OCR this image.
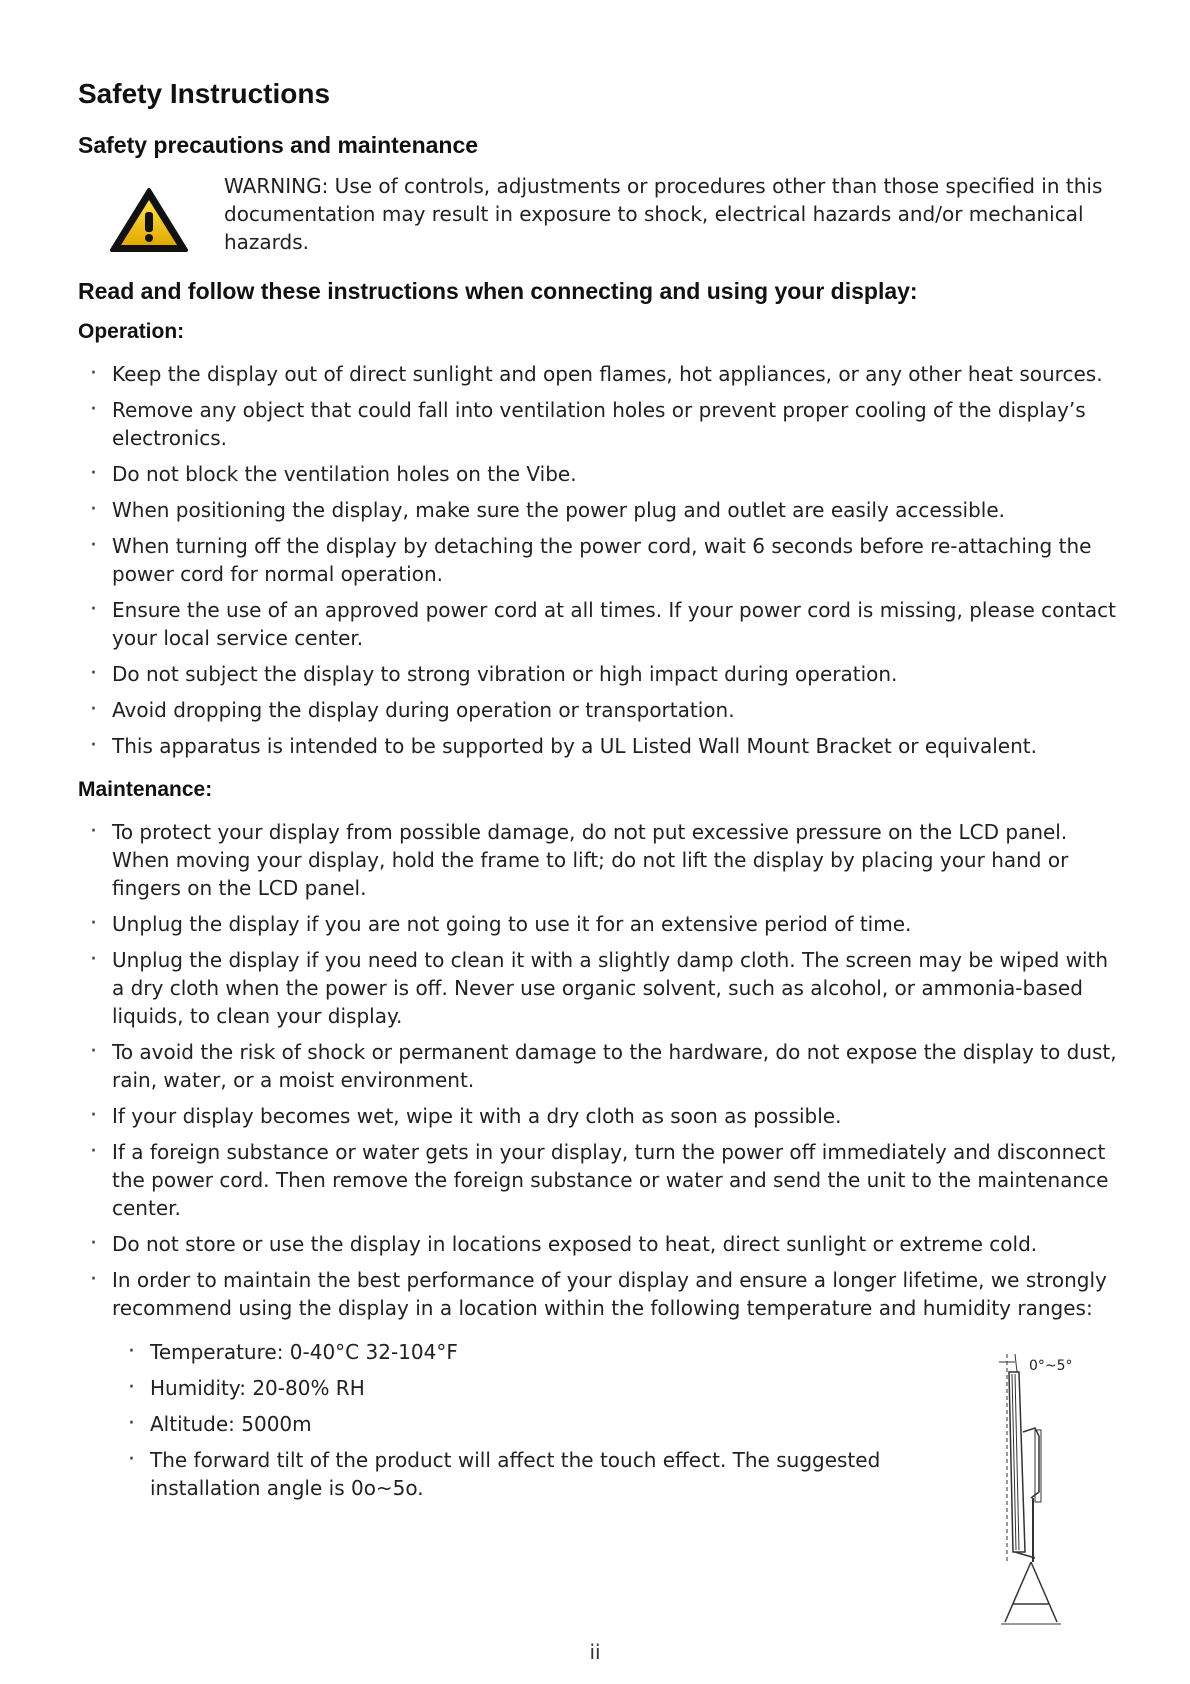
Safety Instructions
Safety precautions and maintenance

WARNING: Use of controls, adjustments or procedures other than those specified in this documentation may result in exposure to shock, electrical hazards and/or mechanical hazards.

Read and follow these instructions when connecting and using your display:
Operation:
· Keep the display out of direct sunlight and open flames, hot appliances, or any other heat sources.
· Remove any object that could fall into ventilation holes or prevent proper cooling of the display’s electronics.
· Do not block the ventilation holes on the Vibe.
· When positioning the display, make sure the power plug and outlet are easily accessible.
· When turning off the display by detaching the power cord, wait 6 seconds before re-attaching the power cord for normal operation.
· Ensure the use of an approved power cord at all times. If your power cord is missing, please contact your local service center.
· Do not subject the display to strong vibration or high impact during operation.
· Avoid dropping the display during operation or transportation.
· This apparatus is intended to be supported by a UL Listed Wall Mount Bracket or equivalent.
Maintenance:
· To protect your display from possible damage, do not put excessive pressure on the LCD panel. When moving your display, hold the frame to lift; do not lift the display by placing your hand or fingers on the LCD panel.
· Unplug the display if you are not going to use it for an extensive period of time.
· Unplug the display if you need to clean it with a slightly damp cloth. The screen may be wiped with a dry cloth when the power is off. Never use organic solvent, such as alcohol, or ammonia-based liquids, to clean your display.
· To avoid the risk of shock or permanent damage to the hardware, do not expose the display to dust, rain, water, or a moist environment.
· If your display becomes wet, wipe it with a dry cloth as soon as possible.
· If a foreign substance or water gets in your display, turn the power off immediately and disconnect the power cord. Then remove the foreign substance or water and send the unit to the maintenance center.
· Do not store or use the display in locations exposed to heat, direct sunlight or extreme cold.
· In order to maintain the best performance of your display and ensure a longer lifetime, we strongly recommend using the display in a location within the following temperature and humidity ranges:
· Temperature: 0-40°C 32-104°F
· Humidity: 20-80% RH
· Altitude: 5000m
· The forward tilt of the product will affect the touch effect. The suggested installation angle is 0o~5o.
0°~5°
ii
